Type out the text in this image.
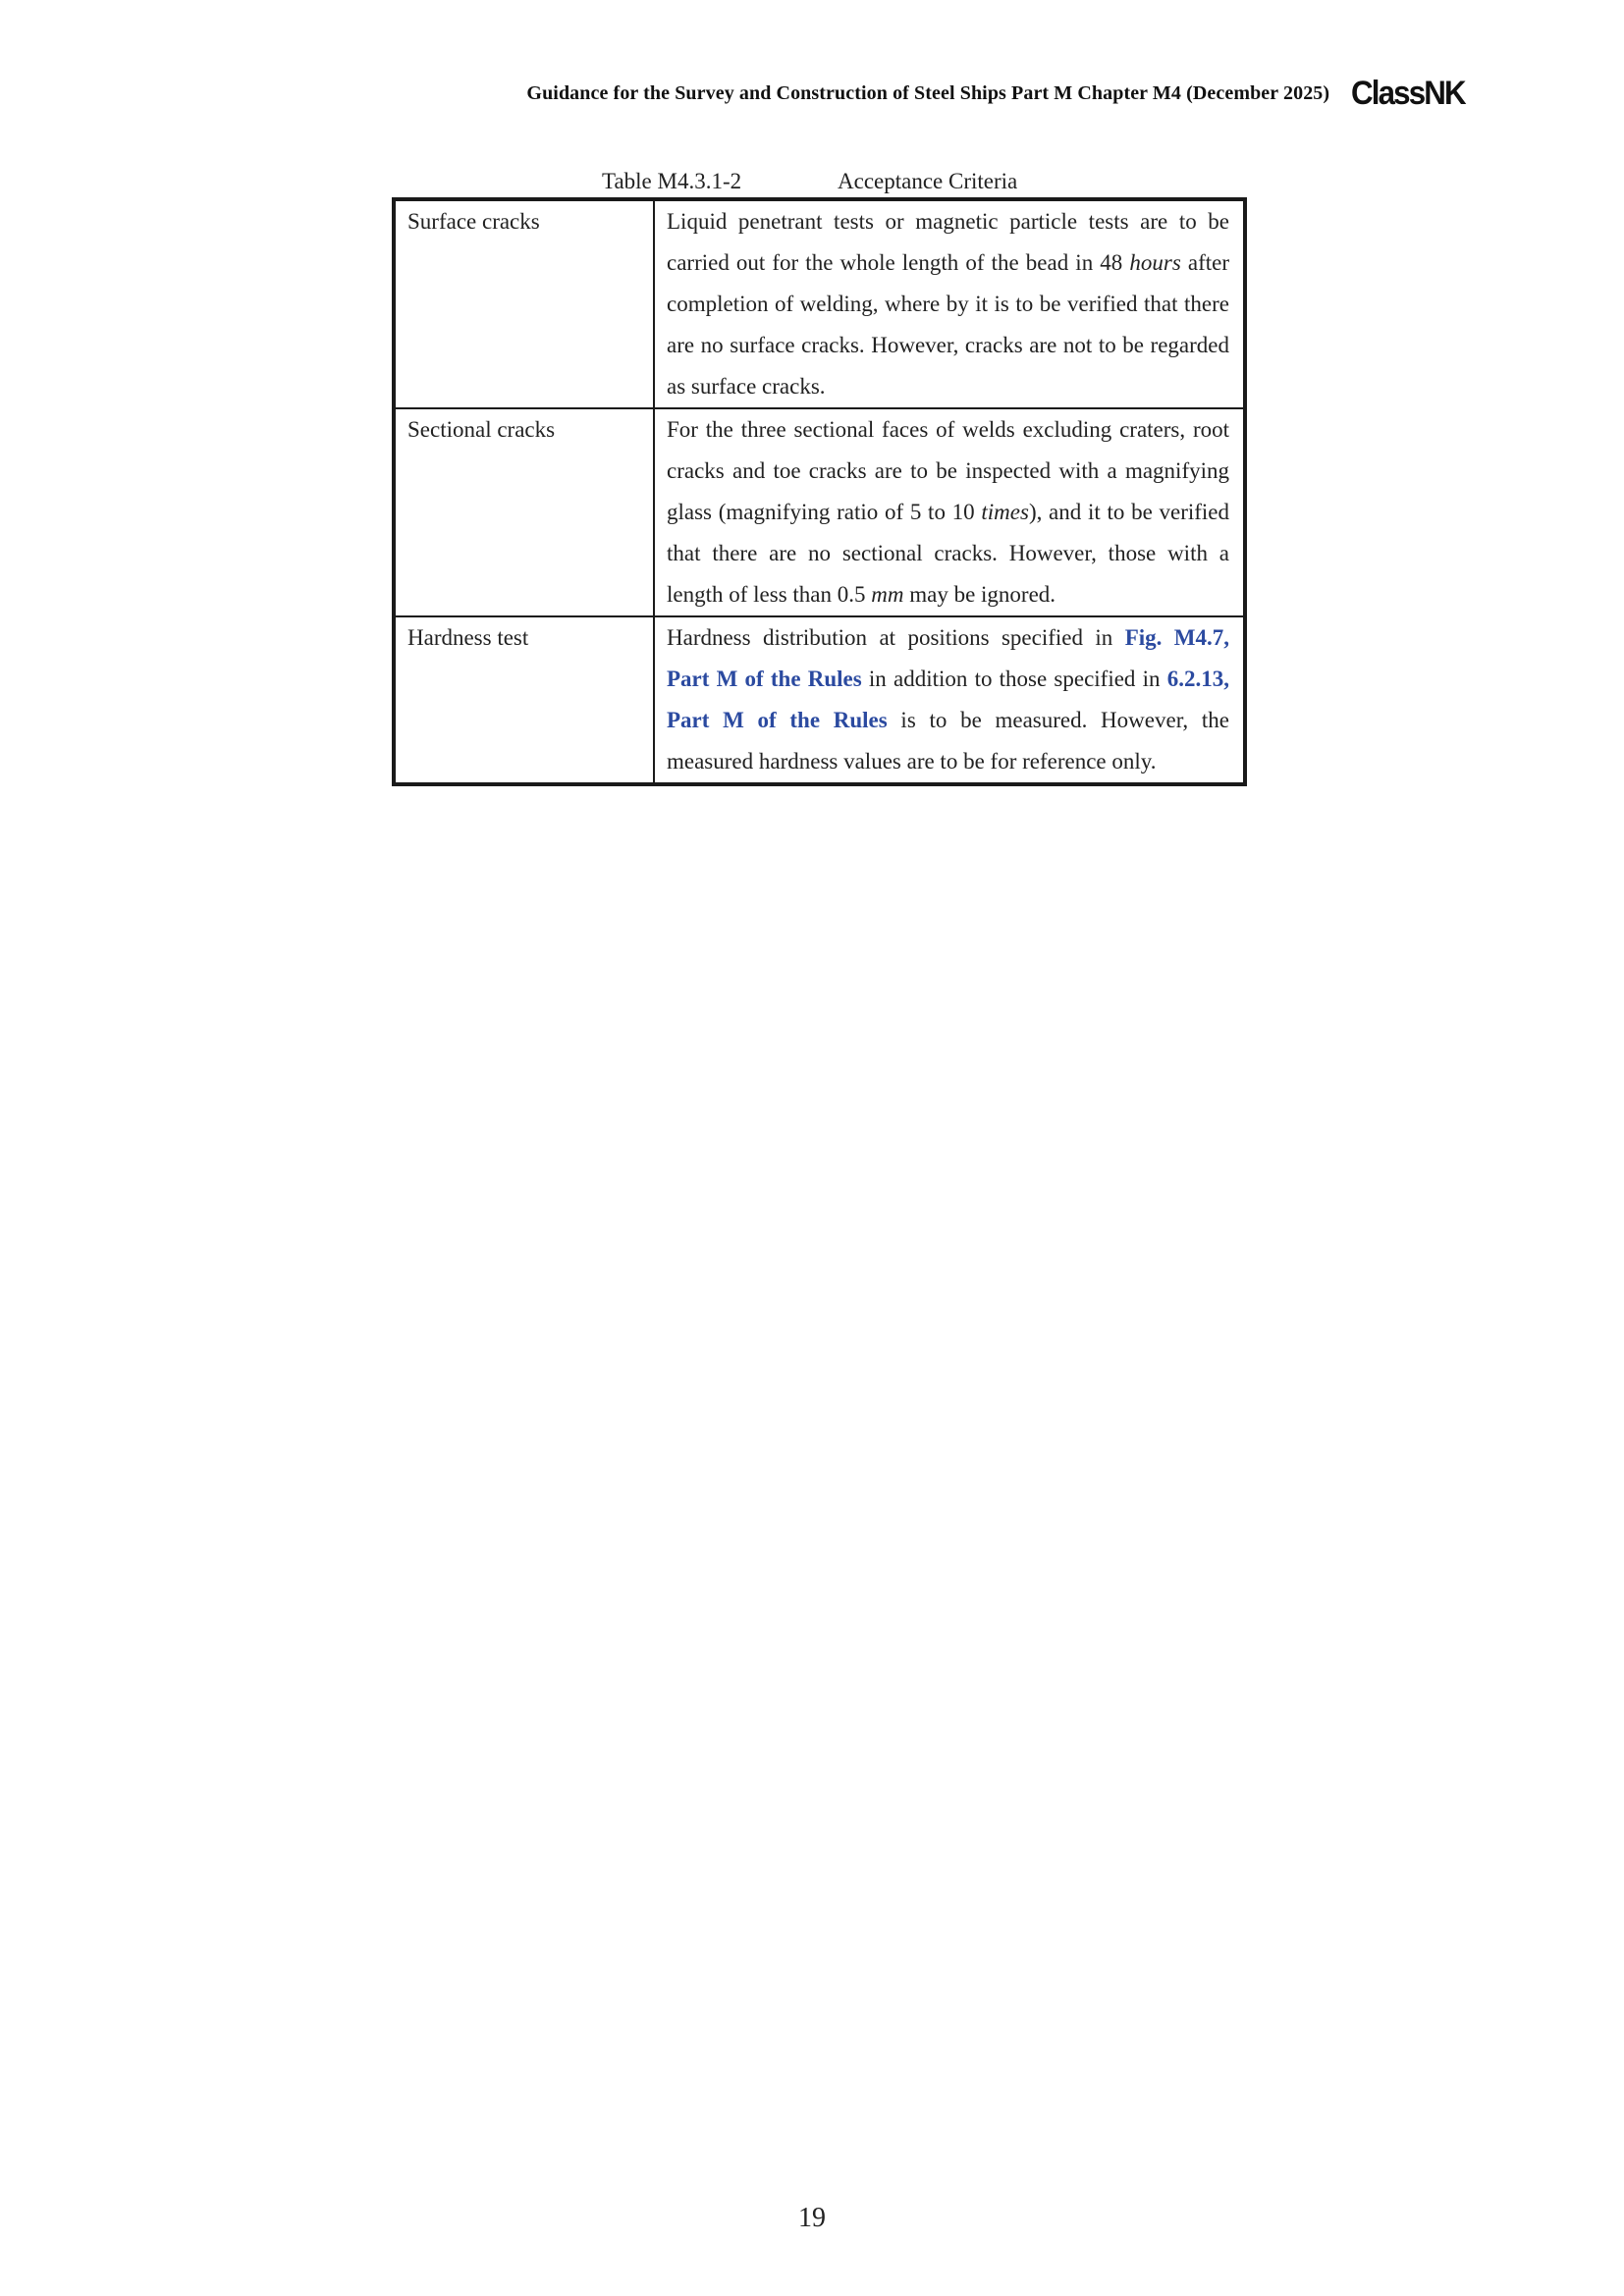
Guidance for the Survey and Construction of Steel Ships Part M Chapter M4 (December 2025) ClassNK
Table M4.3.1-2	Acceptance Criteria
Surface cracks	Liquid penetrant tests or magnetic particle tests are to be carried out for the whole length of the bead in 48 hours after completion of welding, where by it is to be verified that there are no surface cracks. However, cracks are not to be regarded as surface cracks.
Sectional cracks	For the three sectional faces of welds excluding craters, root cracks and toe cracks are to be inspected with a magnifying glass (magnifying ratio of 5 to 10 times), and it to be verified that there are no sectional cracks. However, those with a length of less than 0.5 mm may be ignored.
Hardness test	Hardness distribution at positions specified in Fig. M4.7, Part M of the Rules in addition to those specified in 6.2.13, Part M of the Rules is to be measured. However, the measured hardness values are to be for reference only.
19
